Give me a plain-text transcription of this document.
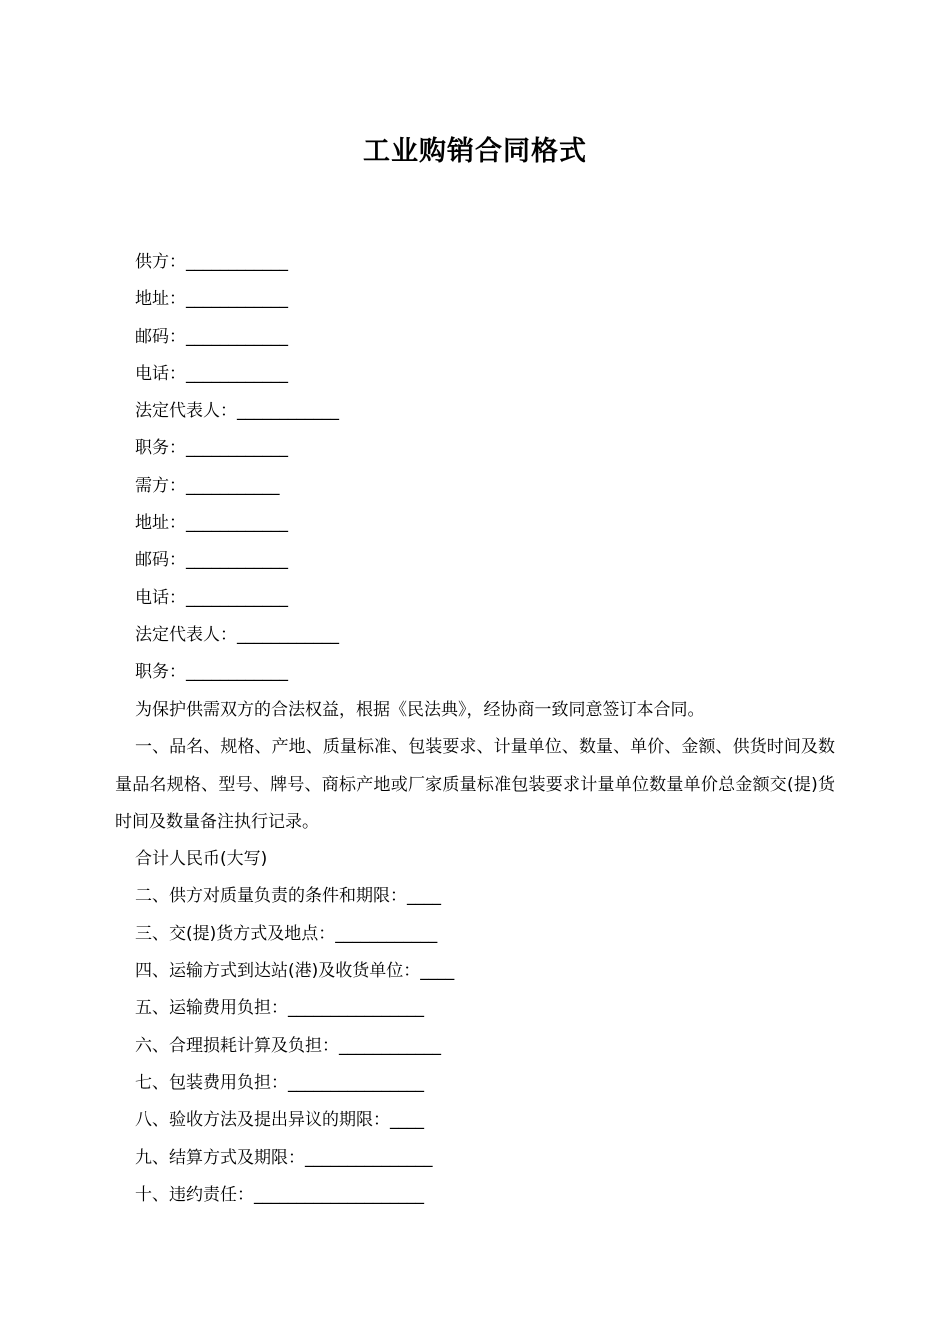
工业购销合同格式
供方：____________
地址：____________
邮码：____________
电话：____________
法定代表人：____________
职务：____________
需方：___________
地址：____________
邮码：____________
电话：____________
法定代表人：____________
职务：____________
为保护供需双方的合法权益，根据《民法典》，经协商一致同意签订本合同。
一、品名、规格、产地、质量标准、包装要求、计量单位、数量、单价、金额、供货时间及数量品名规格、型号、牌号、商标产地或厂家质量标准包装要求计量单位数量单价总金额交(提)货时间及数量备注执行记录。
合计人民币(大写)
二、供方对质量负责的条件和期限：____
三、交(提)货方式及地点：____________
四、运输方式到达站(港)及收货单位：____
五、运输费用负担：________________
六、合理损耗计算及负担：____________
七、包装费用负担：________________
八、验收方法及提出异议的期限：____
九、结算方式及期限：_______________
十、违约责任：____________________
